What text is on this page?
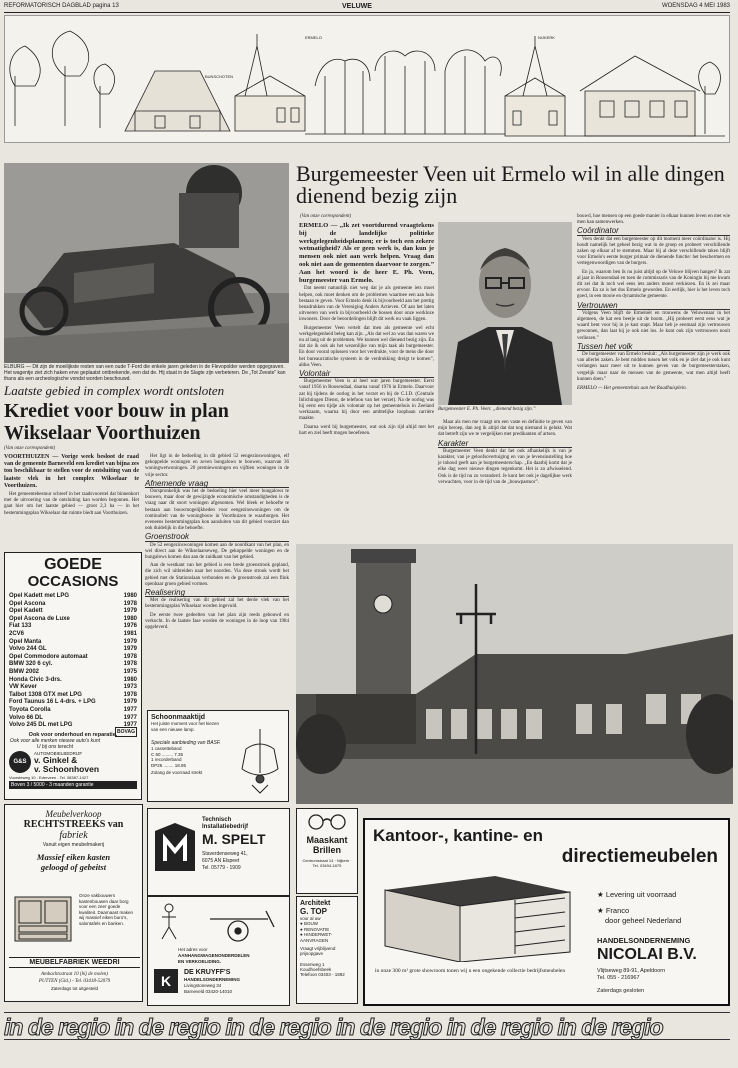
REFORMATORISCH DAGBLAD pagina 13	VELUWE	WOENSDAG 4 MEI 1983
ERMELO	NIJKERK
BUNSCHOTEN
ELBURG — Dit zijn de moeilijkste resten van een oude T-Ford die enkele jaren geleden in de Flevopolder werden opgegraven. Het wagentje ziet zich haken erve geplaatst ontbrekende, een dat de. Hij staat in de Slagte zijn verbeteren. De „Tot Zeeste” kan thans als een archeologische vondst worden beschouwd.
Laatste gebied in complex wordt ontsloten
Krediet voor bouw in plan Wikselaar Voorthuizen
(Van onze correspondent)

VOORTHUIZEN — Vorige week besloot de raad van de gemeente Barneveld een krediet van bijna zes ton beschikbaar te stellen voor de ontsluiting van de laatste vlek in het complex Wikselaar te Voorthuizen.

Het gemeentebestuur schreef in het raadsvoorstel dat binnenkort met de uitvoering van de ontsluiting kan worden begonnen. Het gaat hier om het laatste gebied — groot 2,3 ha — in het bestemmingsplan Wikselaar dat ruimte biedt aan Voorthuizen.

Het ligt in de bedoeling in dit gebied 52 eengezinswoningen, elf gekoppelde woningen en zeven bungalows te bouwen, waarvan 36 woningwetwoningen. 20 premiewoningen en vijftien woningen in de vrije sector.

Afnemende vraag

Oorspronkelijk was het de bedoeling hier veel meer bungalows te bouwen, maar door de gewijzigde economische omstandigheden is de vraag naar dit soort woningen afgenomen. Wel bleek er behoefte te bestaan aan bouwmogelijkheden voor eengezinswoningen om de continuïteit van de woningbouw in Voorthuizen te waarborgen. Het eveneens bestemmingsplan kon aansluiten van dit gebied voorziet dan ook duidelijk in die behoefte.

Groenstrook

De 52 eengezinswoningen komen aan de noordkant van het plan, en wel direct aan de Wikselaarseweg. De gekoppelde woningen en de bungalows komen dan aan de zuidkant van het gebied.

Aan de westkant van het gebied is een brede groenstrook gepland, die zich wil uitbreiden naar het noorden. Via deze strook wordt het gebied met de Stationslaan verbonden en de groenstrook zal een flink openbaar groen gebied vormen.

Realisering

Met de realisering van dit gebied zal het derde vlek van het bestemmingsplan Wikselaar worden ingevuld.

De eerste twee gedeelten van het plan zijn reeds gebouwd en verkocht. In de laatste fase worden de woningen in de loop van 1984 opgeleverd.

GOEDE
OCCASIONS
Opel Kadett met LPG	1980
Opel Ascona	1978
Opel Kadett	1979
Opel Ascona de Luxe	1980
Fiat 133	1976
2CV6	1981
Opel Manta	1979
Volvo 244 GL	1979
Opel Commodore automaat	1978
BMW 320 6 cyl.	1978
BMW 2002	1975
Honda Civic 3-drs.	1980
VW Kever	1973
Talbot 1308 GTX met LPG	1978
Ford Taunus 16 L 4-drs. + LPG	1979
Toyota Corolla	1977
Volvo 66 DL	1977
Volvo 245 DL met LPG	1977
Ook voor onderhoud en reparatie.
Ook voor alle merken nieuwe auto's kunt U bij ons terecht
G&S
AUTOMOBIELBEDRIJF
v. Ginkel &
v. Schoonhoven
BOVAG
Voorsteweg 10 - Ederveen - Tel. 08387-1427
Boven 3 / 5000 - 3 maanden garantie
Schoonmaaktijd
Het juiste moment voor het kiezen van een nieuwe lamp.
Speciale aanbieding van BASF.
1 cassetteband
C 60 ......... 7.35
1 recorderband
DP26 ........ 18.95
Zolang de voorraad strekt
Technisch
Installatiebedrijf
M. SPELT
Staverdenseweg 41,
6075 AN Elspeet
Tel. 05779 - 1909
Het adres voor
AANHANGWAGENONDERDELEN
EN VERKOELIDING.
K
DE KRUYFF'S
HANDELSONDERNEMING
Livingstoneweg 34
Barneveld 03420-14010
Meubelverkoop
RECHTSTREEKS van
fabriek
Vanuit eigen meubelmakerij
Massief eiken kasten
geloogd of gebeitst
Onze vakbouwers kastenbouwen daar borg voor een zeer goede kwaliteit. Daarnaast maken wij massief eiken buro's, salontafels en banken.
MEUBELFABRIEK WEEDRI
Ambachtsstraat 10 (bij de molen)
PUTTEN (Gld.) - Tel. 03418-52079
Zaterdags tot uitgesteld
Burgemeester Veen uit Ermelo wil in alle dingen dienend bezig zijn
(Van onze correspondent)

ERMELO — „Ik zet voortdurend vraagtekens bij de landelijke politieke werkgelegenheidsplannen; er is toch een zekere wetmatigheid? Als er geen werk is, dan kun je mensen ook niet aan werk helpen. Vraag dan ook niet aan de gemeenten daarvoor te zorgen.” Aan het woord is de heer E. Ph. Veen, burgemeester van Ermelo.

Dat neemt natuurlijk niet weg dat je als gemeente iets moet helpen, ook moet denken om de problemen waarmee een aan huis bestaan te geven. Voor Ermelo denk ik bijvoorbeeld aan het prettig benadrukken van de Vereniging Anders Actieven. Of aan het laten uitvoeren van werk in bijvoorbeeld de bossen door onze werkloze inwoners. Door de beoordelingen blijft dit werk nu vaak liggen.

Burgemeester Veen vertelt dat men als gemeente wel echt werkgelegenheid beleg kan zijn. „Als dat wel zo was dan waren we nu al lang uit de problemen. We kunnen wel dienend bezig zijn. En dat zie ik ook als het wezenlijke van mijn taak als burgemeester. En door vooral oplossen voor het verdrukte, voor de mens die door het bureaucratische systeem in de verdrukking dreigt te komen”, aldus Veen.

Volontair

Burgemeester Veen is al heel wat jaren burgemeester. Eerst vanaf 1956 in Roosendaal, daarna vanaf 1976 in Ermelo. Daarvoor zat hij tijdens de oorlog in het verzet en bij de C.I.D. (Centrale Inlichtingen Dienst, de telefoon van het verzet). Na de oorlog was hij eerst een tijdje als volontair op het gemeentehuis in Zeeland werkzaam, waarna hij door een ambtelijke loopbaan carrière maakte.

Daarna werd hij burgemeester, wat ook zijn tijd altijd met het hart en ziel heeft mogen beoefenen.

Burgemeester E. Ph. Veen: „dienend bezig zijn.”

Maar als men me vraagt om een vaste en definitie te geven van mijn beroep, dan zeg ik altijd dat dat nog niemand is gelukt. Wat dat betreft zijn we te vergelijken met predikanten of artsen.

Karakter

Burgemeester Veen denkt dat het ook afhankelijk is van je karakter, van je geloofsovertuiging en van je levensinstelling hoe je inhoud geeft aan je burgemeesterschap. „En daarbij komt dat je elke dag weer nieuwe dingen tegenkomt. Het is zo afwisselend. Ook is de tijd nu zo veranderd. Je kunt het ook je dagelijkse werk verwachten, voor in de tijd van de „bouwpastoor”.

bouwd, hoe mensen op een goede manier in elkaar kunnen leven en met wie men kan samenwerken.

Coördinator

Veen denkt dat een burgemeester op dit moment meer coördinator is. Hij houdt namelijk het geheel bezig wat in de groep en probeert verschillende zaken op elkaar af te stemmen. Maar hij al deze verschillende taken blijft voor Ermelo's eerste burger primair de dienende functie: het beschermen en vertegenwoordigen van de burgers.

En ja, waarom ben ik nu juist altijd op de Veluwe blijven hangen? Ik zat al jaar in Roosendaal en toen de commissaris van de Koningin bij me kwam dit zei dat ik toch wel eens iets anders moest verkiezen. En ik zei maar ervoor. En zo is het dus Ermelo geworden. En eerlijk, hier is het leven toch goed, in een mooie en dynamische gemeente.

Vertrouwen

Volgens Veen blijft de Ermeloër en trouwens de Veluwenaar in het algemeen, de kat een beetje uit de boom. „Hij probeert eerst eens wat je waard bent voor hij in je kast stapt. Maar heb je eenmaal zijn vertrouwen gewonnen, dan laat hij je ook niet los. Je kunt ook zijn vertrouwen nooit verliezen.”

Tussen het volk

De burgemeester van Ermelo besluit: „Als burgemeester zijn je werk ook van allerlei zaken. Je bent midden tussen het volk en je ziet dat je ook kunt verlangen naar meer uit te kunnen geven van de burgemeesterstaken, vergelijk maar naar de mensen van de gemeente, wat men altijd heeft kunnen doen.”

ERMELO — Het gemeentehuis aan het Raadhuisplein.

Maaskant
Brillen
Centrumstraat 14 · Nijkerk · Tel. 03494-1875
Architekt
G. TOP
voor al uw
● BOUW
● RENOVATIE
● HINDERWET-AANVRAGEN
Vraagt vrijblijvend prijsopgave
Essenweg 1 Koudhoefsbeek
Telefoon 03403 - 1892
Kantoor-, kantine- en
directiemeubelen
in onze 300 m² grote showroom tonen wij u een ongekende collectie bedrijfsmeubelen
★ Levering uit voorraad
★ Franco
door geheel Nederland
HANDELSONDERNEMING
NICOLAI B.V.
Vlijtseweg 89-91, Apeldoorn
Tel. 055 - 216967
Zaterdags gesloten
in de regio in de regio in de regio in de regio in de regio in de regio
